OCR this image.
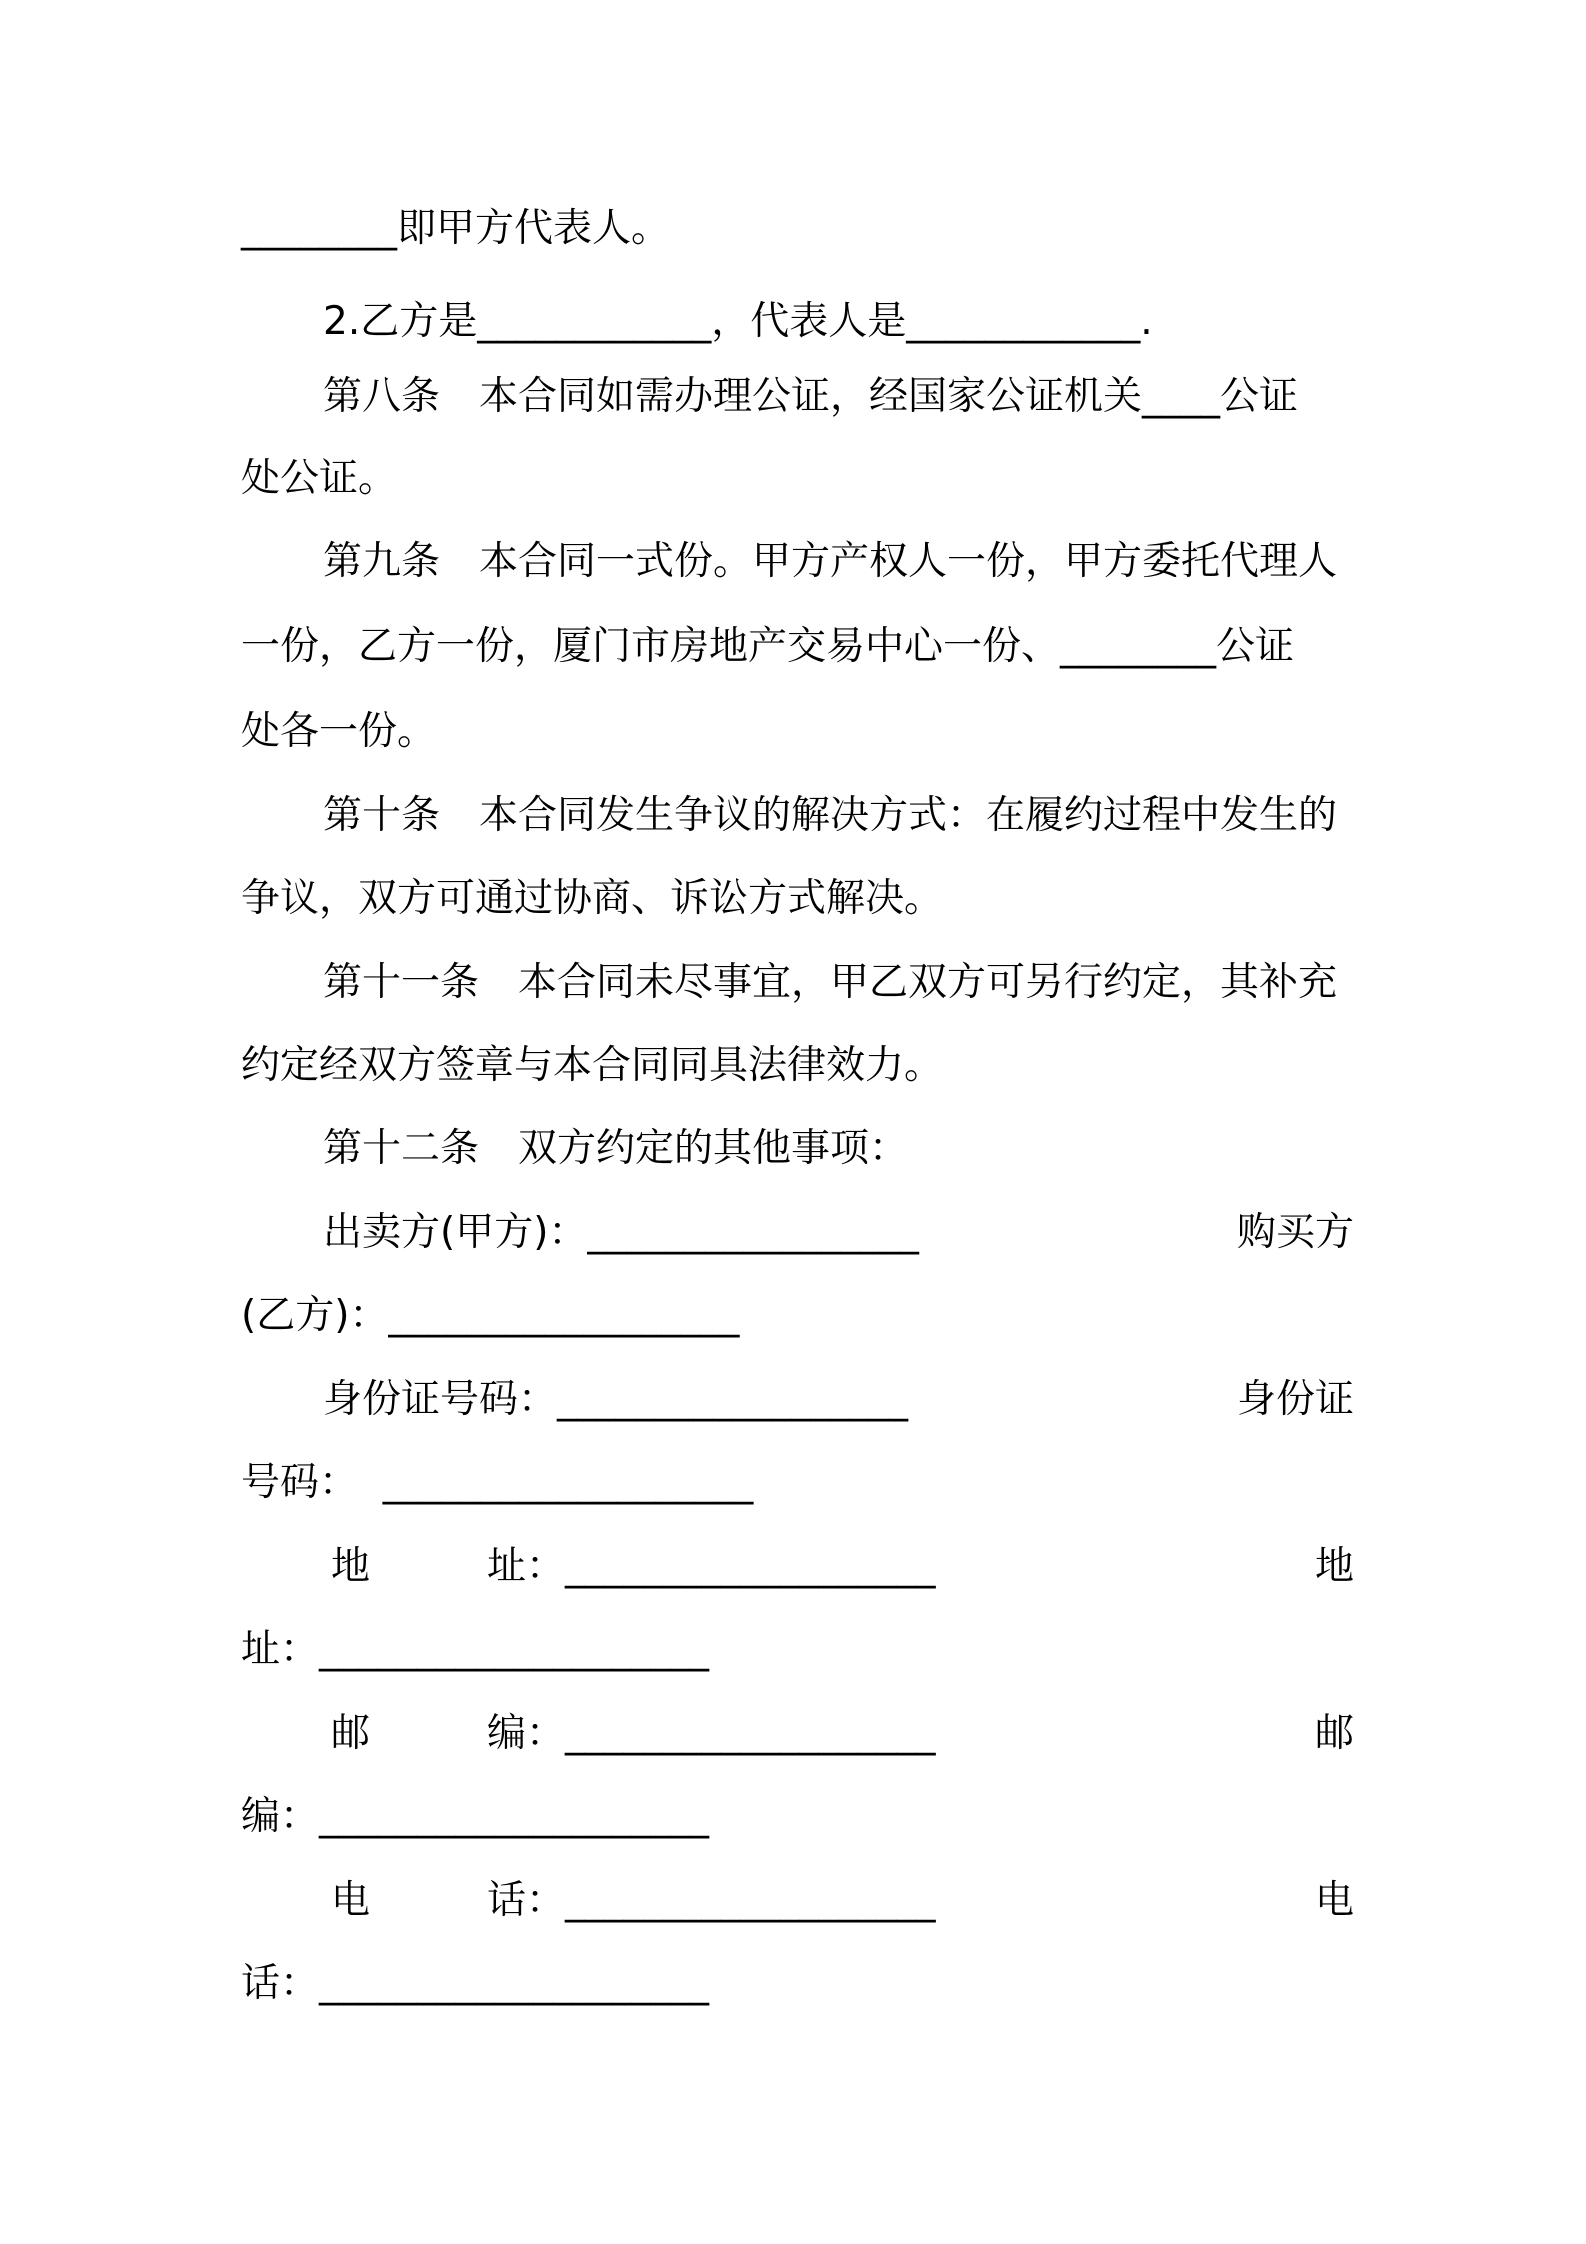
________即甲方代表人。
2.乙方是____________，代表人是____________.
第八条　本合同如需办理公证，经国家公证机关____公证
处公证。
第九条　本合同一式份。甲方产权人一份，甲方委托代理人
一份，乙方一份，厦门市房地产交易中心一份、________公证
处各一份。
第十条　本合同发生争议的解决方式：在履约过程中发生的
争议，双方可通过协商、诉讼方式解决。
第十一条　本合同未尽事宜，甲乙双方可另行约定，其补充
约定经双方签章与本合同同具法律效力。
第十二条　双方约定的其他事项：
出卖方(甲方)：_________________	购买方
(乙方)：__________________
身份证号码：__________________	身份证
号码：  ___________________
地　　　址：___________________	地
址：____________________
邮　　　编：___________________	邮
编：____________________
电　　　话：___________________	电
话：____________________
